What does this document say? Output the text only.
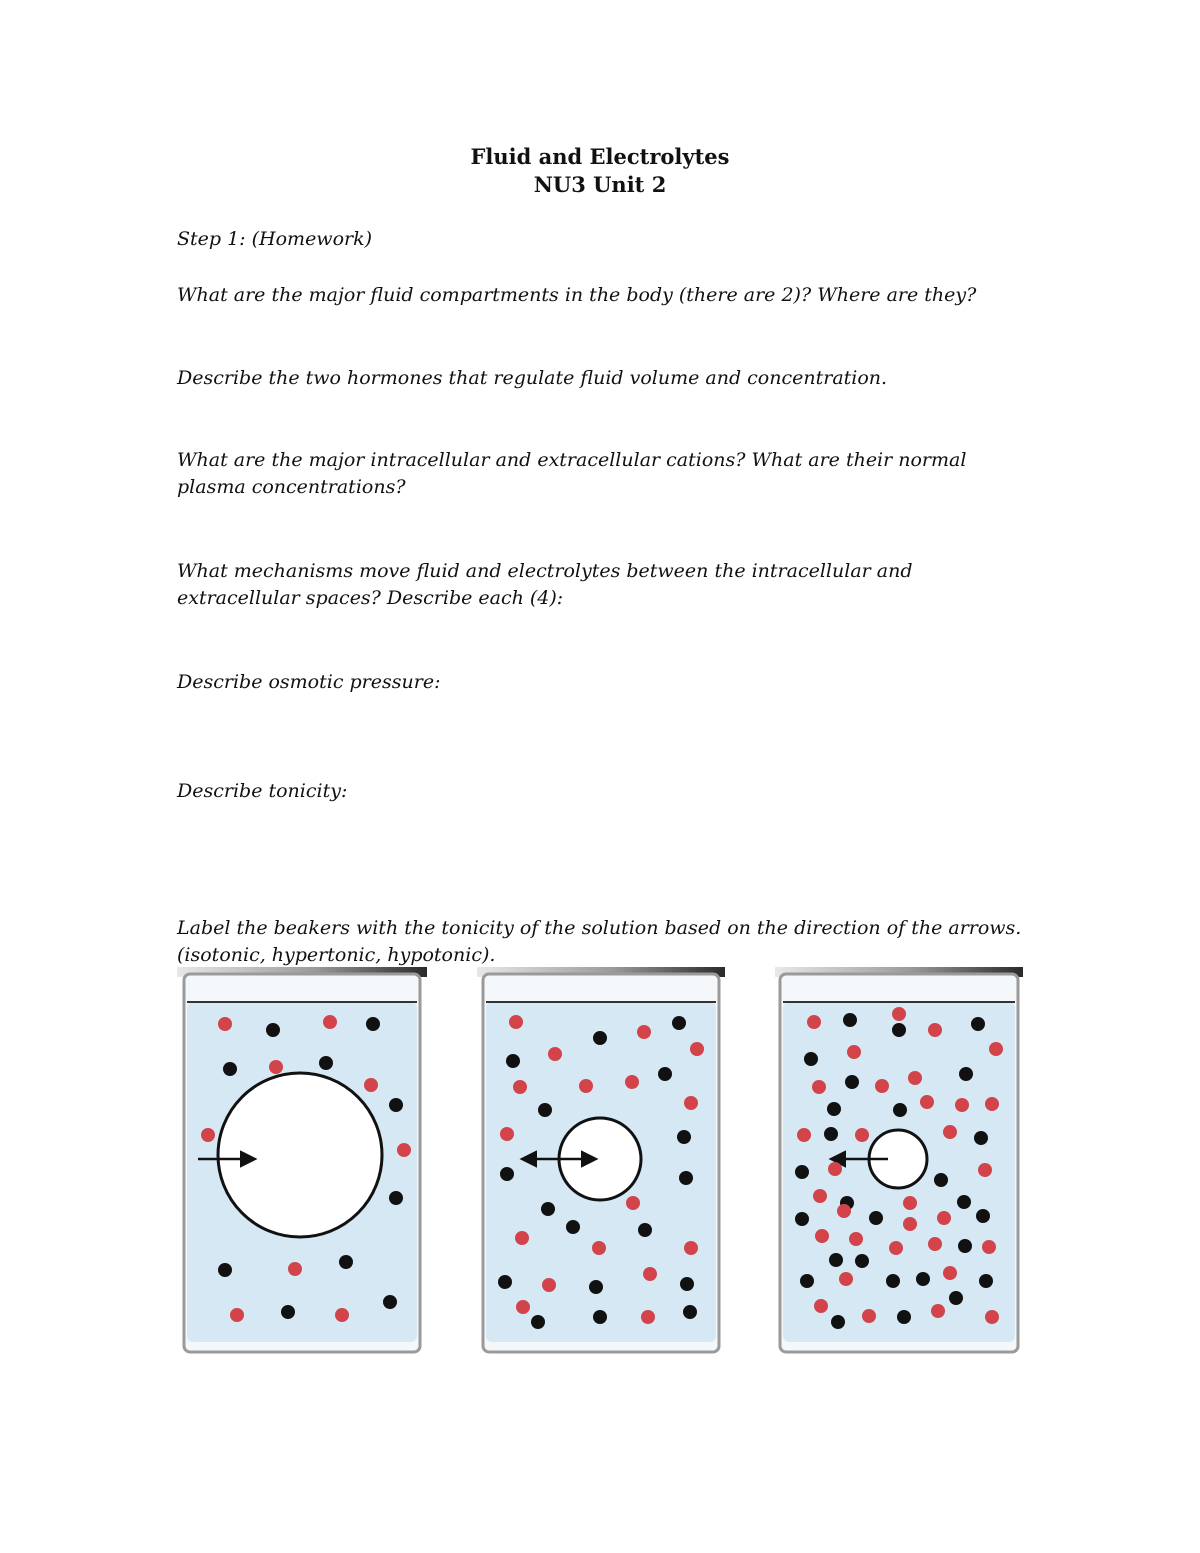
Fluid and Electrolytes
NU3 Unit 2
Step 1: (Homework)
What are the major fluid compartments in the body (there are 2)? Where are they?
Describe the two hormones that regulate fluid volume and concentration.
What are the major intracellular and extracellular cations? What are their normal plasma concentrations?
What mechanisms move fluid and electrolytes between the intracellular and extracellular spaces? Describe each (4):
Describe osmotic pressure:
Describe tonicity:
Label the beakers with the tonicity of the solution based on the direction of the arrows. (isotonic, hypertonic, hypotonic).
